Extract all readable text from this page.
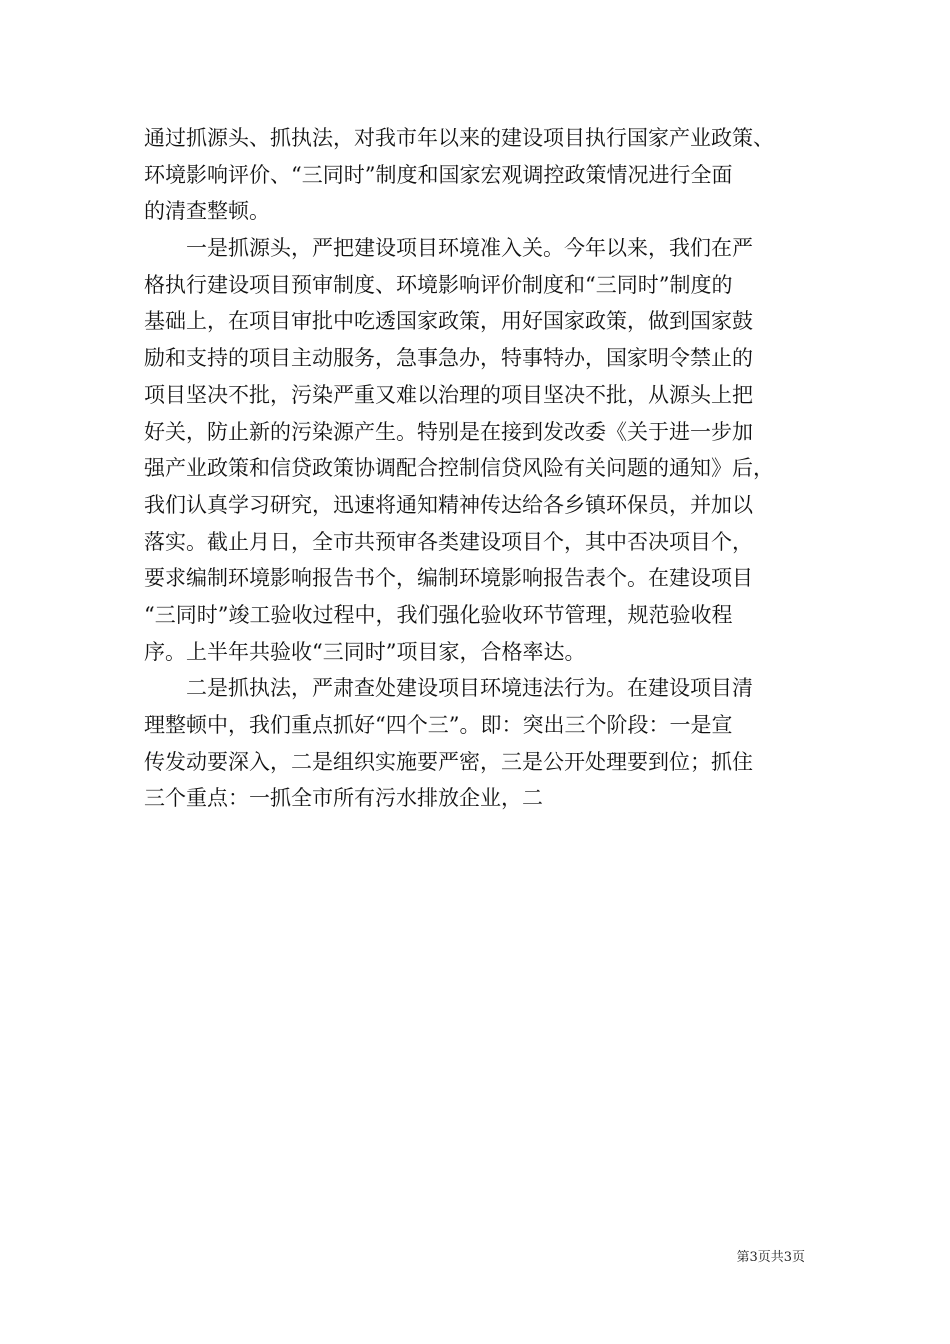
通过抓源头、抓执法，对我市年以来的建设项目执行国家产业政策、
环境影响评价、“三同时”制度和国家宏观调控政策情况进行全面
的清查整顿。
一是抓源头，严把建设项目环境准入关。今年以来，我们在严
格执行建设项目预审制度、环境影响评价制度和“三同时”制度的
基础上，在项目审批中吃透国家政策，用好国家政策，做到国家鼓
励和支持的项目主动服务，急事急办，特事特办，国家明令禁止的
项目坚决不批，污染严重又难以治理的项目坚决不批，从源头上把
好关，防止新的污染源产生。特别是在接到发改委《关于进一步加
强产业政策和信贷政策协调配合控制信贷风险有关问题的通知》后，
我们认真学习研究，迅速将通知精神传达给各乡镇环保员，并加以
落实。截止月日，全市共预审各类建设项目个，其中否决项目个，
要求编制环境影响报告书个，编制环境影响报告表个。在建设项目
“三同时”竣工验收过程中，我们强化验收环节管理，规范验收程
序。上半年共验收“三同时”项目家，合格率达。
二是抓执法，严肃查处建设项目环境违法行为。在建设项目清
理整顿中，我们重点抓好“四个三”。即：突出三个阶段：一是宣
传发动要深入，二是组织实施要严密，三是公开处理要到位；抓住
三个重点：一抓全市所有污水排放企业，二
第3页共3页
